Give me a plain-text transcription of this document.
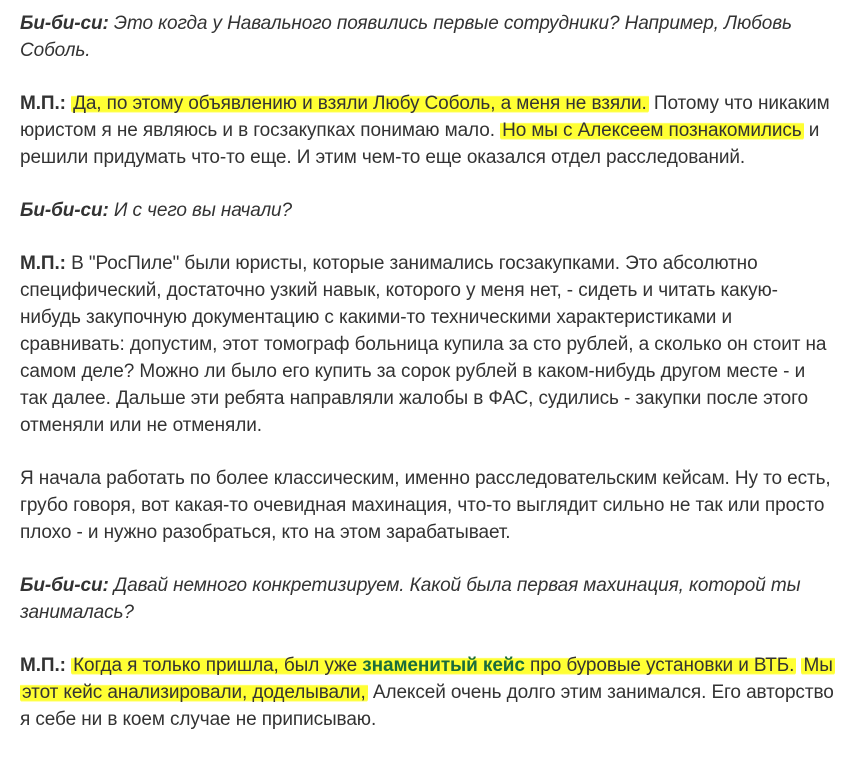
Би-би-си: Это когда у Навального появились первые сотрудники? Например, Любовь Соболь.

М.П.: Да, по этому объявлению и взяли Любу Соболь, а меня не взяли. Потому что никаким юристом я не являюсь и в госзакупках понимаю мало. Но мы с Алексеем познакомились и решили придумать что-то еще. И этим чем-то еще оказался отдел расследований.

Би-би-си: И с чего вы начали?

М.П.: В "РосПиле" были юристы, которые занимались госзакупками. Это абсолютно специфический, достаточно узкий навык, которого у меня нет, - сидеть и читать какую-нибудь закупочную документацию с какими-то техническими характеристиками и сравнивать: допустим, этот томограф больница купила за сто рублей, а сколько он стоит на самом деле? Можно ли было его купить за сорок рублей в каком-нибудь другом месте - и так далее. Дальше эти ребята направляли жалобы в ФАС, судились - закупки после этого отменяли или не отменяли.

Я начала работать по более классическим, именно расследовательским кейсам. Ну то есть, грубо говоря, вот какая-то очевидная махинация, что-то выглядит сильно не так или просто плохо - и нужно разобраться, кто на этом зарабатывает.

Би-би-си: Давай немного конкретизируем. Какой была первая махинация, которой ты занималась?

М.П.: Когда я только пришла, был уже знаменитый кейс про буровые установки и ВТБ. Мы этот кейс анализировали, доделывали, Алексей очень долго этим занимался. Его авторство я себе ни в коем случае не приписываю.
